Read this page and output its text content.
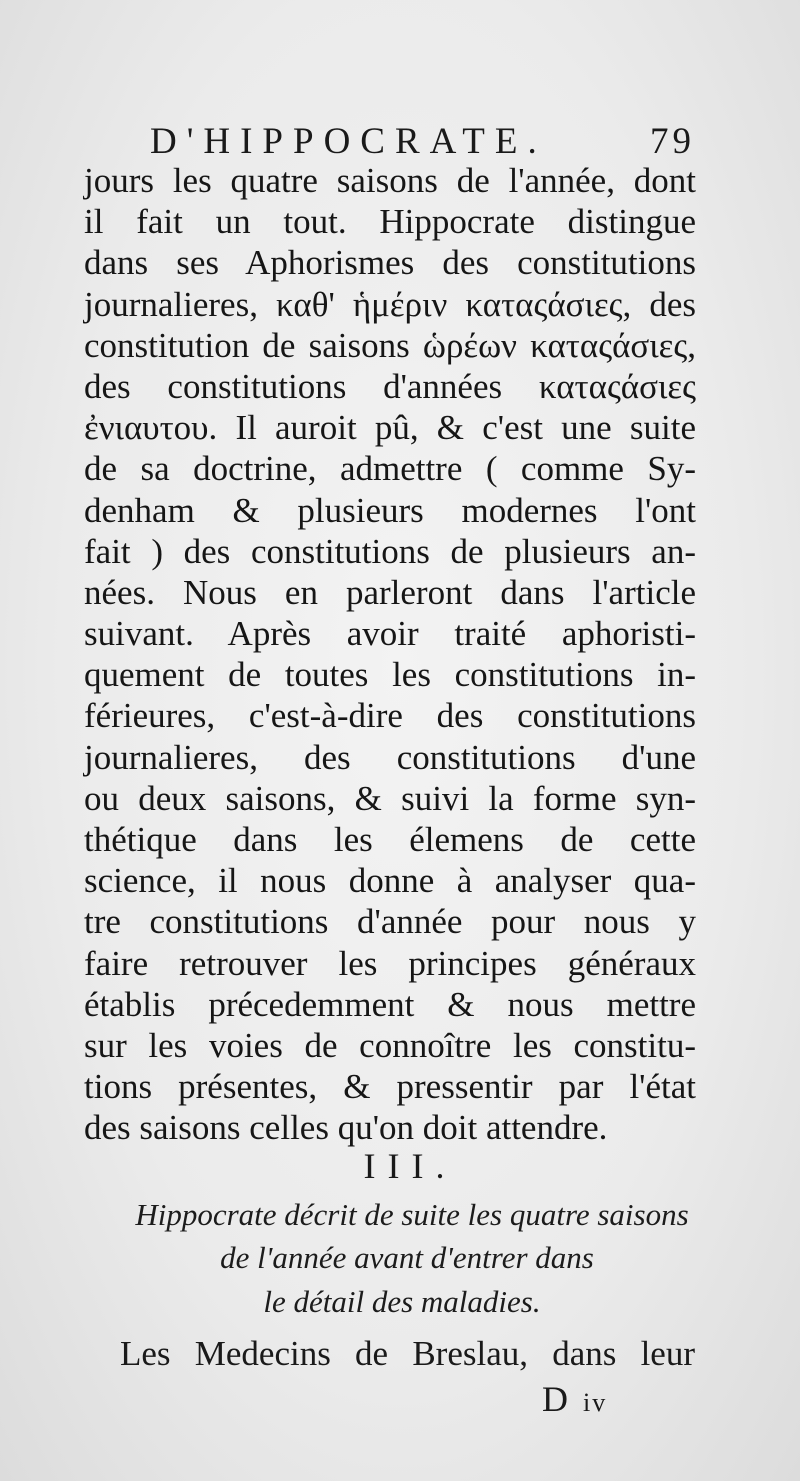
D'HIPPOCRATE.	79
jours les quatre saisons de l'année, dont
il fait un tout. Hippocrate distingue
dans ses Aphorismes des constitutions
journalieres, καθ' ἡμέριν καταςάσιες, des
constitution de saisons ὡρέων καταςάσιες,
des constitutions d'années καταςάσιες
ἐνιαυτου. Il auroit pû, & c'est une suite
de sa doctrine, admettre ( comme Sy-
denham & plusieurs modernes l'ont
fait ) des constitutions de plusieurs an-
nées. Nous en parleront dans l'article
suivant. Après avoir traité aphoristi-
quement de toutes les constitutions in-
férieures, c'est-à-dire des constitutions
journalieres, des constitutions d'une
ou deux saisons, & suivi la forme syn-
thétique dans les élemens de cette
science, il nous donne à analyser qua-
tre constitutions d'année pour nous y
faire retrouver les principes généraux
établis précedemment & nous mettre
sur les voies de connoître les constitu-
tions présentes, & pressentir par l'état
des saisons celles qu'on doit attendre.
III.
Hippocrate décrit de suite les quatre saisons
de l'année avant d'entrer dans
le détail des maladies.
Les Medecins de Breslau, dans leur
D iv
